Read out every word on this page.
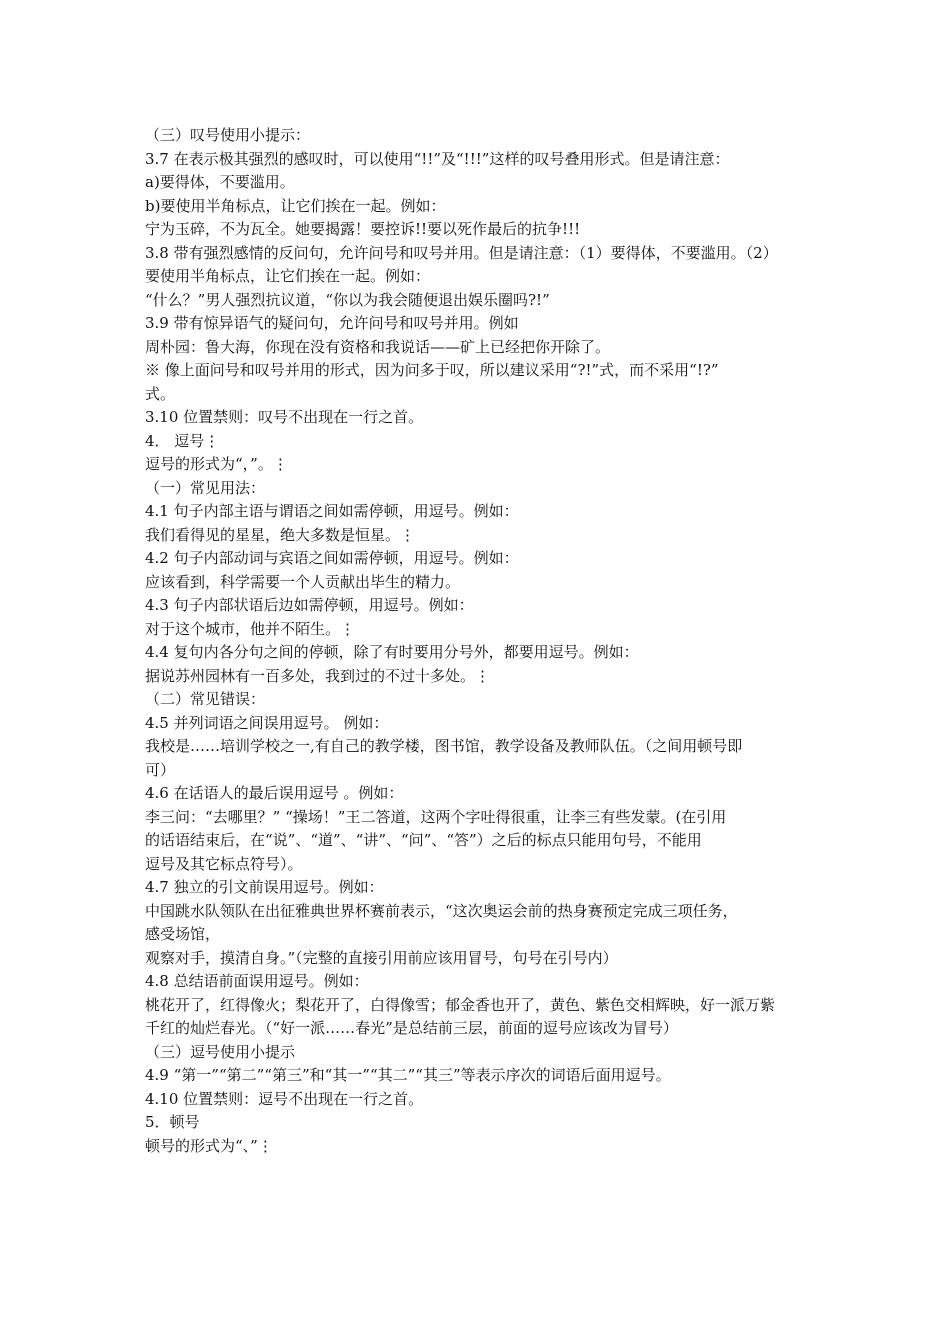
（三）叹号使用小提示：

3.7 在表示极其强烈的感叹时，可以使用“!!”及“!!!”这样的叹号叠用形式。但是请注意：

a)要得体，不要滥用。

b)要使用半角标点，让它们挨在一起。例如：

宁为玉碎，不为瓦全。她要揭露！要控诉!!要以死作最后的抗争!!!

3.8 带有强烈感情的反问句，允许问号和叹号并用。但是请注意：（1）要得体，不要滥用。（2）

要使用半角标点，让它们挨在一起。例如：

“什么？”男人强烈抗议道，“你以为我会随便退出娱乐圈吗?!”

3.9 带有惊异语气的疑问句，允许问号和叹号并用。例如

周朴园：鲁大海，你现在没有资格和我说话——矿上已经把你开除了。

※ 像上面问号和叹号并用的形式，因为问多于叹，所以建议采用“?!”式，而不采用“!?”

式。

3.10 位置禁则：叹号不出现在一行之首。

4． 逗号⋮

逗号的形式为“，”。⋮

（一）常见用法：

4.1 句子内部主语与谓语之间如需停顿，用逗号。例如：

我们看得见的星星，绝大多数是恒星。⋮

4.2 句子内部动词与宾语之间如需停顿，用逗号。例如：

应该看到，科学需要一个人贡献出毕生的精力。

4.3 句子内部状语后边如需停顿，用逗号。例如：

对于这个城市，他并不陌生。⋮

4.4 复句内各分句之间的停顿，除了有时要用分号外，都要用逗号。例如：

据说苏州园林有一百多处，我到过的不过十多处。⋮

（二）常见错误：

4.5 并列词语之间误用逗号。 例如：

我校是……培训学校之一,有自己的教学楼，图书馆，教学设备及教师队伍。（之间用顿号即

可）

4.6 在话语人的最后误用逗号 。例如：

李三问：“去哪里？” “操场！”王二答道，这两个字吐得很重，让李三有些发蒙。(在引用

的话语结束后，在“说”、“道”、“讲”、“问”、“答”）之后的标点只能用句号，不能用

逗号及其它标点符号）。

4.7 独立的引文前误用逗号。例如：

中国跳水队领队在出征雅典世界杯赛前表示，“这次奥运会前的热身赛预定完成三项任务，

感受场馆，

观察对手，摸清自身。”（完整的直接引用前应该用冒号，句号在引号内）

4.8 总结语前面误用逗号。例如：

桃花开了，红得像火；梨花开了，白得像雪；郁金香也开了，黄色、紫色交相辉映，好一派万紫

千红的灿烂春光。（“好一派……春光”是总结前三层，前面的逗号应该改为冒号）

（三）逗号使用小提示

4.9 “第一”“第二”“第三”和“其一”“其二”“其三”等表示序次的词语后面用逗号。

4.10 位置禁则：逗号不出现在一行之首。

5．顿号

顿号的形式为“、”⋮
